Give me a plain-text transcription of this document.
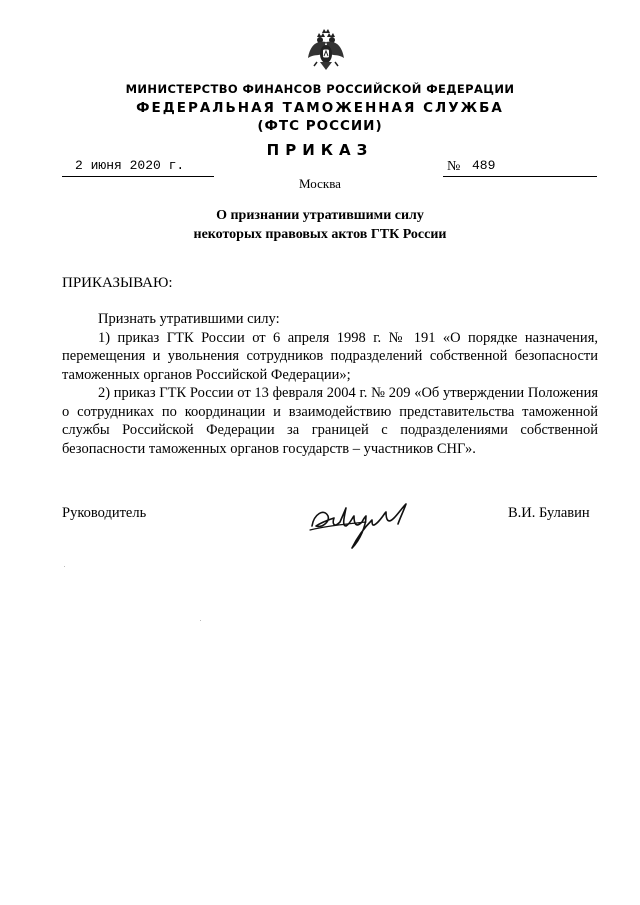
МИНИСТЕРСТВО ФИНАНСОВ РОССИЙСКОЙ ФЕДЕРАЦИИ
ФЕДЕРАЛЬНАЯ ТАМОЖЕННАЯ СЛУЖБА
(ФТС РОССИИ)
ПРИКАЗ
2 июня 2020 г.	№ 489
Москва
О признании утратившими силу
некоторых правовых актов ГТК России
ПРИКАЗЫВАЮ:

Признать утратившими силу:

1) приказ ГТК России от 6 апреля 1998 г. № 191 «О порядке назначения, перемещения и увольнения сотрудников подразделений собственной безопасности таможенных органов Российской Федерации»;

2) приказ ГТК России от 13 февраля 2004 г. № 209 «Об утверждении Положения о сотрудниках по координации и взаимодействию представительства таможенной службы Российской Федерации за границей с подразделениями собственной безопасности таможенных органов государств – участников СНГ».

Руководитель	В.И. Булавин
